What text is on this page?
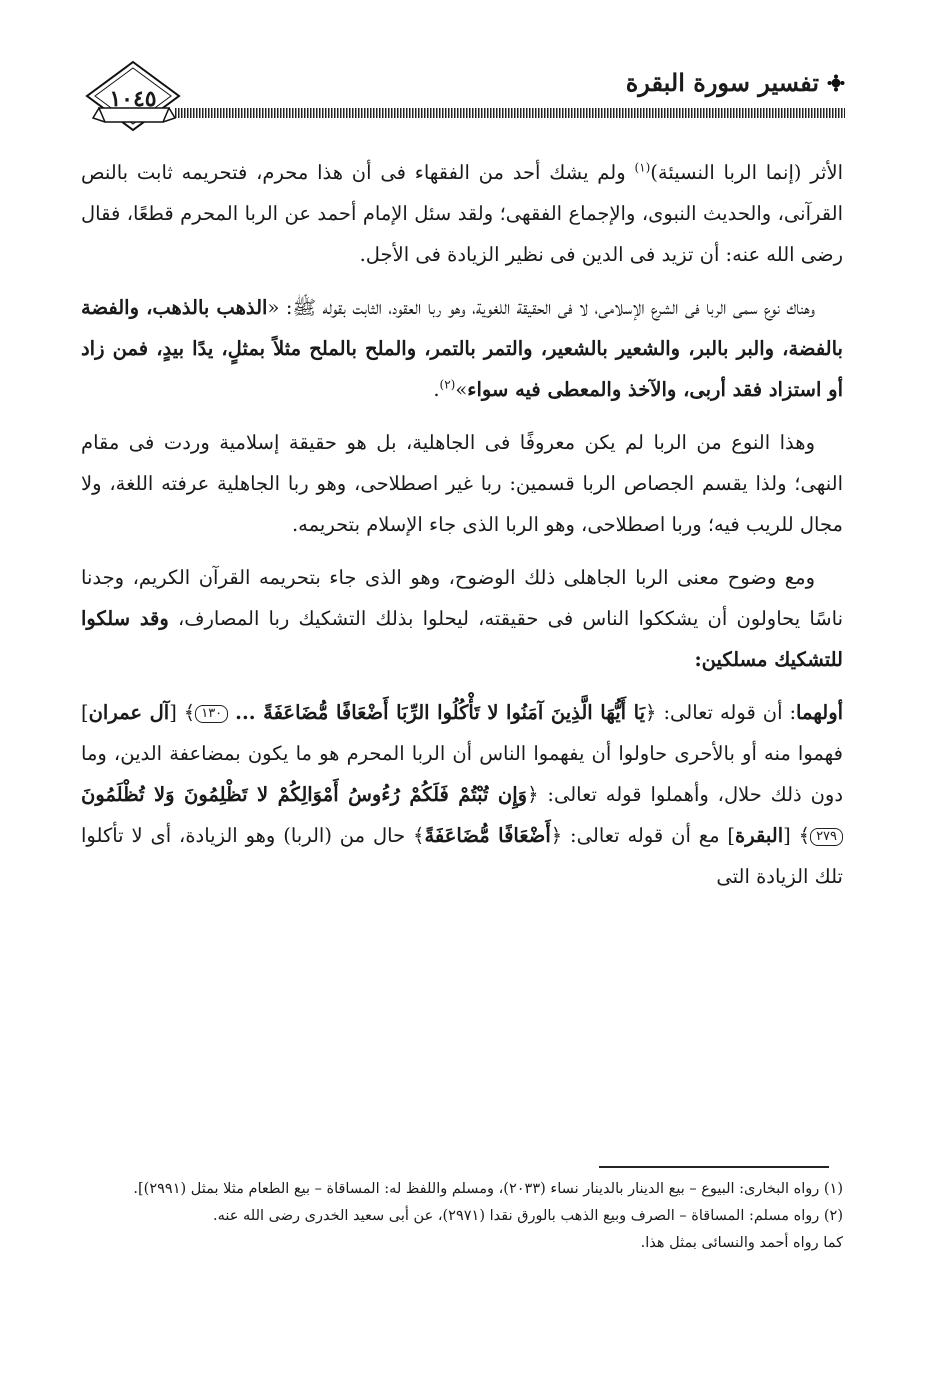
تفسير سورة البقرة
١٠٤٥

الأثر (إنما الربا النسيئة)$^{(١)}$ ولم يشك أحد من الفقهاء فى أن هذا محرم، فتحريمه ثابت بالنص القرآنى، والحديث النبوى، والإجماع الفقهى؛ ولقد سئل الإمام أحمد عن الربا المحرم قطعًا، فقال رضى الله عنه: أن تزيد فى الدين فى نظير الزيادة فى الأجل.

وهناك نوع سمى الربا فى الشرع الإسلامى، لا فى الحقيقة اللغوية، وهو ربا العقود، الثابت بقوله ﷺ: «الذهب بالذهب، والفضة بالفضة، والبر بالبر، والشعير بالشعير، والتمر بالتمر، والملح بالملح مثلاً بمثلٍ، يدًا بيدٍ، فمن زاد أو استزاد فقد أربى، والآخذ والمعطى فيه سواء»$^{(٢)}$.

وهذا النوع من الربا لم يكن معروفًا فى الجاهلية، بل هو حقيقة إسلامية وردت فى مقام النهى؛ ولذا يقسم الجصاص الربا قسمين: ربا غير اصطلاحى، وهو ربا الجاهلية عرفته اللغة، ولا مجال للريب فيه؛ وربا اصطلاحى، وهو الربا الذى جاء الإسلام بتحريمه.

ومع وضوح معنى الربا الجاهلى ذلك الوضوح، وهو الذى جاء بتحريمه القرآن الكريم، وجدنا ناسًا يحاولون أن يشككوا الناس فى حقيقته، ليحلوا بذلك التشكيك ربا المصارف، وقد سلكوا للتشكيك مسلكين:

أولهما: أن قوله تعالى: ﴿يَا أَيُّهَا الَّذِينَ آمَنُوا لا تَأْكُلُوا الرِّبَا أَضْعَافًا مُّضَاعَفَةً ... ١٣٠﴾ [آل عمران] فهموا منه أو بالأحرى حاولوا أن يفهموا الناس أن الربا المحرم هو ما يكون بمضاعفة الدين، وما دون ذلك حلال، وأهملوا قوله تعالى: ﴿وَإِن تُبْتُمْ فَلَكُمْ رُءُوسُ أَمْوَالِكُمْ لا تَظْلِمُونَ وَلا تُظْلَمُونَ ٢٧٩﴾ [البقرة] مع أن قوله تعالى: ﴿أَضْعَافًا مُّضَاعَفَةً﴾ حال من (الربا) وهو الزيادة، أى لا تأكلوا تلك الزيادة التى

(١) رواه البخارى: البيوع – بيع الدينار بالدينار نساء (٢٠٣٣)، ومسلم واللفظ له: المساقاة – بيع الطعام مثلا بمثل (٢٩٩١)].

(٢) رواه مسلم: المساقاة – الصرف وبيع الذهب بالورق نقدا (٢٩٧١)، عن أبى سعيد الخدرى رضى الله عنه.

كما رواه أحمد والنسائى بمثل هذا.
